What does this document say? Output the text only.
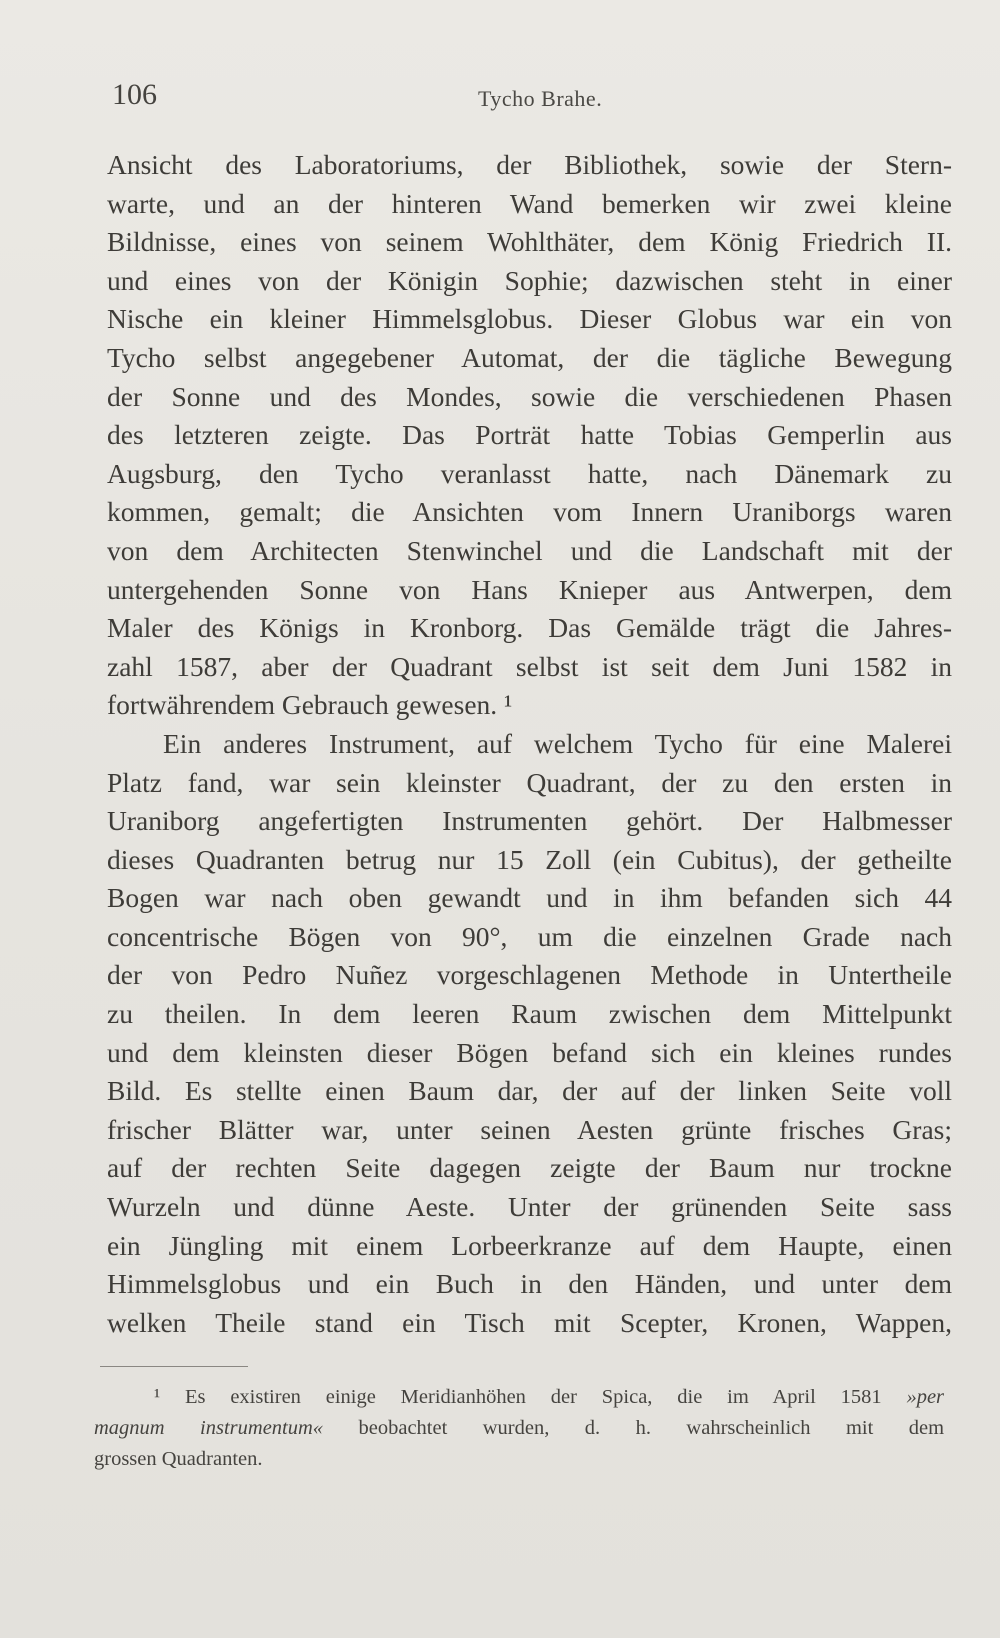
106	Tycho Brahe.
Ansicht des Laboratoriums, der Bibliothek, sowie der Stern-
warte, und an der hinteren Wand bemerken wir zwei kleine
Bildnisse, eines von seinem Wohlthäter, dem König Friedrich II.
und eines von der Königin Sophie; dazwischen steht in einer
Nische ein kleiner Himmelsglobus. Dieser Globus war ein von
Tycho selbst angegebener Automat, der die tägliche Bewegung
der Sonne und des Mondes, sowie die verschiedenen Phasen
des letzteren zeigte. Das Porträt hatte Tobias Gemperlin aus
Augsburg, den Tycho veranlasst hatte, nach Dänemark zu
kommen, gemalt; die Ansichten vom Innern Uraniborgs waren
von dem Architecten Stenwinchel und die Landschaft mit der
untergehenden Sonne von Hans Knieper aus Antwerpen, dem
Maler des Königs in Kronborg. Das Gemälde trägt die Jahres-
zahl 1587, aber der Quadrant selbst ist seit dem Juni 1582 in
fortwährendem Gebrauch gewesen. ¹
Ein anderes Instrument, auf welchem Tycho für eine Malerei
Platz fand, war sein kleinster Quadrant, der zu den ersten in
Uraniborg angefertigten Instrumenten gehört. Der Halbmesser
dieses Quadranten betrug nur 15 Zoll (ein Cubitus), der getheilte
Bogen war nach oben gewandt und in ihm befanden sich 44
concentrische Bögen von 90°, um die einzelnen Grade nach
der von Pedro Nuñez vorgeschlagenen Methode in Untertheile
zu theilen. In dem leeren Raum zwischen dem Mittelpunkt
und dem kleinsten dieser Bögen befand sich ein kleines rundes
Bild. Es stellte einen Baum dar, der auf der linken Seite voll
frischer Blätter war, unter seinen Aesten grünte frisches Gras;
auf der rechten Seite dagegen zeigte der Baum nur trockne
Wurzeln und dünne Aeste. Unter der grünenden Seite sass
ein Jüngling mit einem Lorbeerkranze auf dem Haupte, einen
Himmelsglobus und ein Buch in den Händen, und unter dem
welken Theile stand ein Tisch mit Scepter, Kronen, Wappen,
¹ Es existiren einige Meridianhöhen der Spica, die im April 1581 »per
magnum instrumentum« beobachtet wurden, d. h. wahrscheinlich mit dem
grossen Quadranten.
